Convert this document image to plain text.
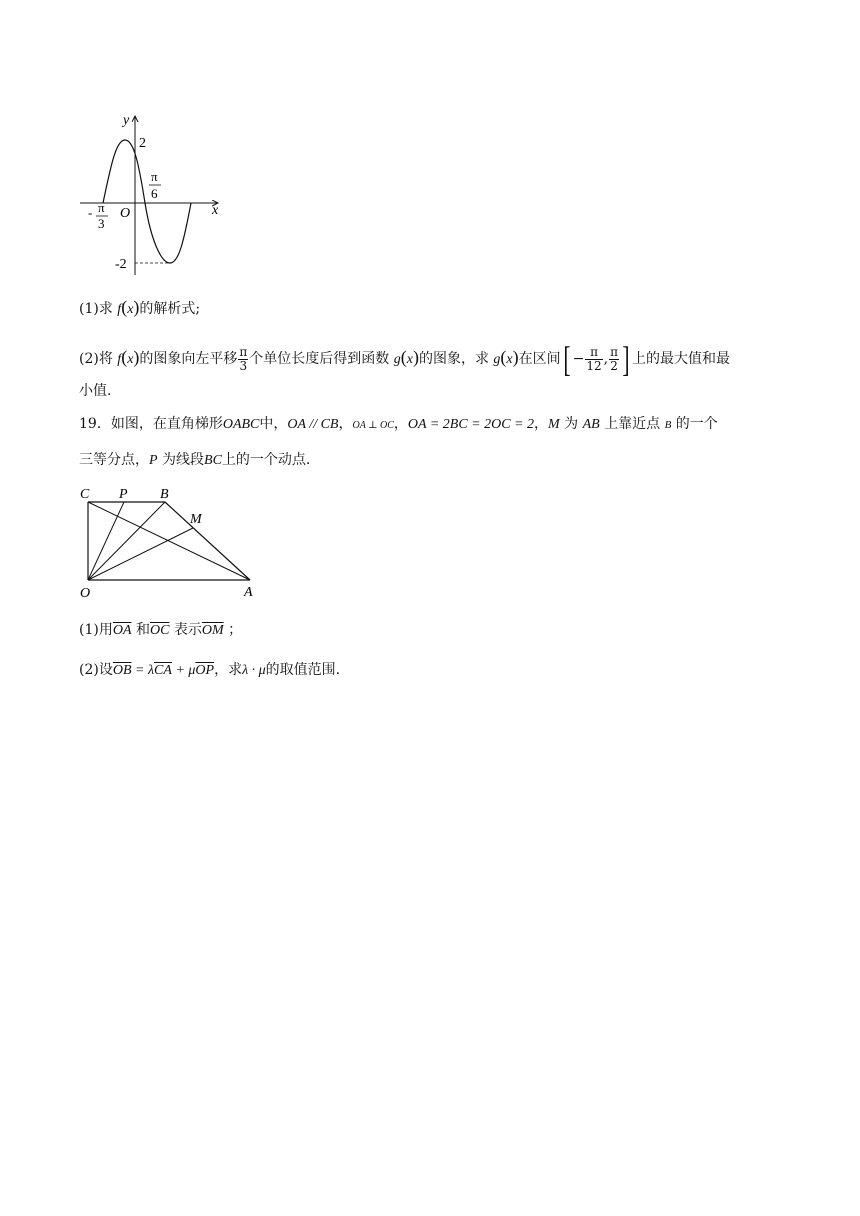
y
x
O
2
-2
- π
3
π
6
(1)求 f(x)的解析式;
(2)将 f(x)的图象向左平移 $\frac{\pi}{3}$ 个单位长度后得到函数 g(x)的图象，求 g(x)在区间[ − $\frac{\pi}{12}$ , $\frac{\pi}{2}$ ] 上的最大值和最
小值.
19．如图，在直角梯形OABC中，OA // CB，OA ⊥ OC，OA = 2BC = 2OC = 2，M 为 AB 上靠近点 B 的一个
三等分点，P 为线段BC上的一个动点.
C P B
M
O	A
(1)用$\overline{OA}$ 和$\overline{OC}$ 表示$\overline{OM}$ ；
(2)设$\overline{OB} = \lambda\overline{CA} + \mu\overline{OP}$，求λ · μ的取值范围.
